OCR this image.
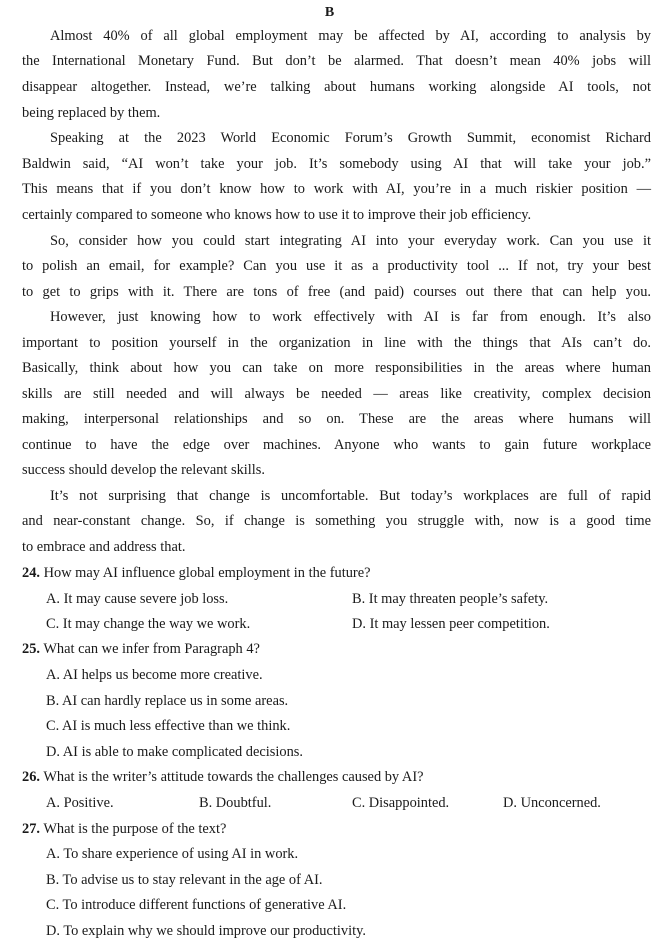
B
Almost 40% of all global employment may be affected by AI, according to analysis by
the International Monetary Fund. But don’t be alarmed. That doesn’t mean 40% jobs will
disappear altogether. Instead, we’re talking about humans working alongside AI tools, not
being replaced by them.
Speaking at the 2023 World Economic Forum’s Growth Summit, economist Richard
Baldwin said, “AI won’t take your job. It’s somebody using AI that will take your job.”
This means that if you don’t know how to work with AI, you’re in a much riskier position —
certainly compared to someone who knows how to use it to improve their job efficiency.
So, consider how you could start integrating AI into your everyday work. Can you use it
to polish an email, for example? Can you use it as a productivity tool ... If not, try your best
to get to grips with it. There are tons of free (and paid) courses out there that can help you.
However, just knowing how to work effectively with AI is far from enough. It’s also
important to position yourself in the organization in line with the things that AIs can’t do.
Basically, think about how you can take on more responsibilities in the areas where human
skills are still needed and will always be needed — areas like creativity, complex decision
making, interpersonal relationships and so on. These are the areas where humans will
continue to have the edge over machines. Anyone who wants to gain future workplace
success should develop the relevant skills.
It’s not surprising that change is uncomfortable. But today’s workplaces are full of rapid
and near-constant change. So, if change is something you struggle with, now is a good time
to embrace and address that.
24. How may AI influence global employment in the future?
A. It may cause severe job loss.	B. It may threaten people’s safety.
C. It may change the way we work.	D. It may lessen peer competition.
25. What can we infer from Paragraph 4?
A. AI helps us become more creative.
B. AI can hardly replace us in some areas.
C. AI is much less effective than we think.
D. AI is able to make complicated decisions.
26. What is the writer’s attitude towards the challenges caused by AI?
A. Positive.	B. Doubtful.	C. Disappointed.	D. Unconcerned.
27. What is the purpose of the text?
A. To share experience of using AI in work.
B. To advise us to stay relevant in the age of AI.
C. To introduce different functions of generative AI.
D. To explain why we should improve our productivity.
